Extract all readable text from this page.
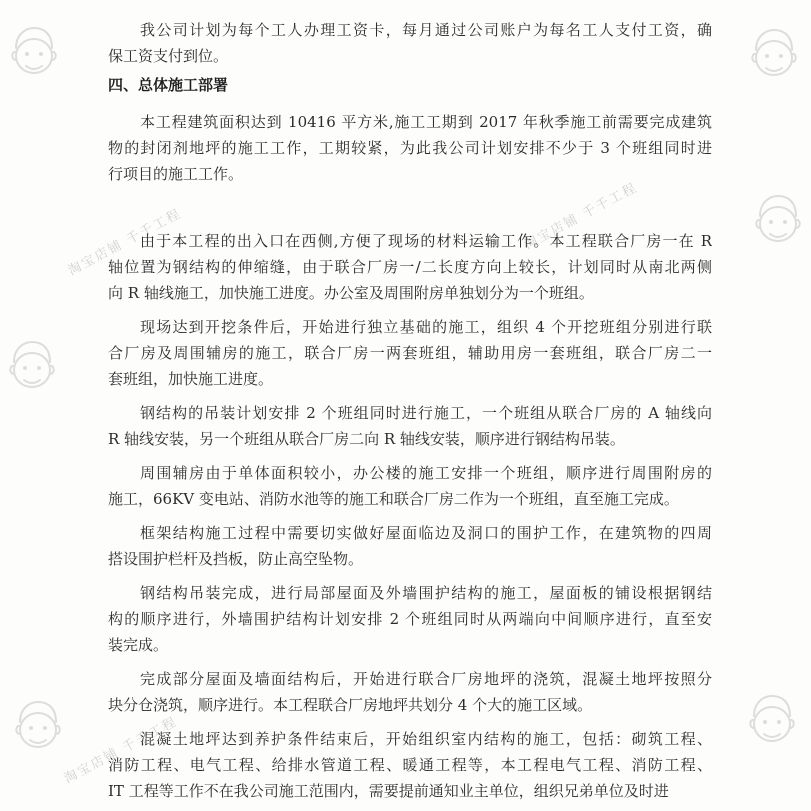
淘宝店铺 千千工程	淘宝店铺 千千工程
淘宝店铺 千千工程
我公司计划为每个工人办理工资卡，每月通过公司账户为每名工人支付工资，确
保工资支付到位。
四、总体施工部署
本工程建筑面积达到 10416 平方米,施工工期到 2017 年秋季施工前需要完成建筑
物的封闭剂地坪的施工工作，工期较紧，为此我公司计划安排不少于 3 个班组同时进
行项目的施工工作。
由于本工程的出入口在西侧,方便了现场的材料运输工作。本工程联合厂房一在 R
轴位置为钢结构的伸缩缝，由于联合厂房一/二长度方向上较长，计划同时从南北两侧
向 R 轴线施工，加快施工进度。办公室及周围附房单独划分为一个班组。
现场达到开挖条件后，开始进行独立基础的施工，组织 4 个开挖班组分别进行联
合厂房及周围辅房的施工，联合厂房一两套班组，辅助用房一套班组，联合厂房二一
套班组，加快施工进度。
钢结构的吊装计划安排 2 个班组同时进行施工，一个班组从联合厂房的 A 轴线向
R 轴线安装，另一个班组从联合厂房二向 R 轴线安装，顺序进行钢结构吊装。
周围辅房由于单体面积较小，办公楼的施工安排一个班组，顺序进行周围附房的
施工，66KV 变电站、消防水池等的施工和联合厂房二作为一个班组，直至施工完成。
框架结构施工过程中需要切实做好屋面临边及洞口的围护工作，在建筑物的四周
搭设围护栏杆及挡板，防止高空坠物。
钢结构吊装完成，进行局部屋面及外墙围护结构的施工，屋面板的铺设根据钢结
构的顺序进行，外墙围护结构计划安排 2 个班组同时从两端向中间顺序进行，直至安
装完成。
完成部分屋面及墙面结构后，开始进行联合厂房地坪的浇筑，混凝土地坪按照分
块分仓浇筑，顺序进行。本工程联合厂房地坪共划分 4 个大的施工区域。
混凝土地坪达到养护条件结束后，开始组织室内结构的施工，包括：砌筑工程、
消防工程、电气工程、给排水管道工程、暖通工程等，本工程电气工程、消防工程、
IT 工程等工作不在我公司施工范围内，需要提前通知业主单位，组织兄弟单位及时进
